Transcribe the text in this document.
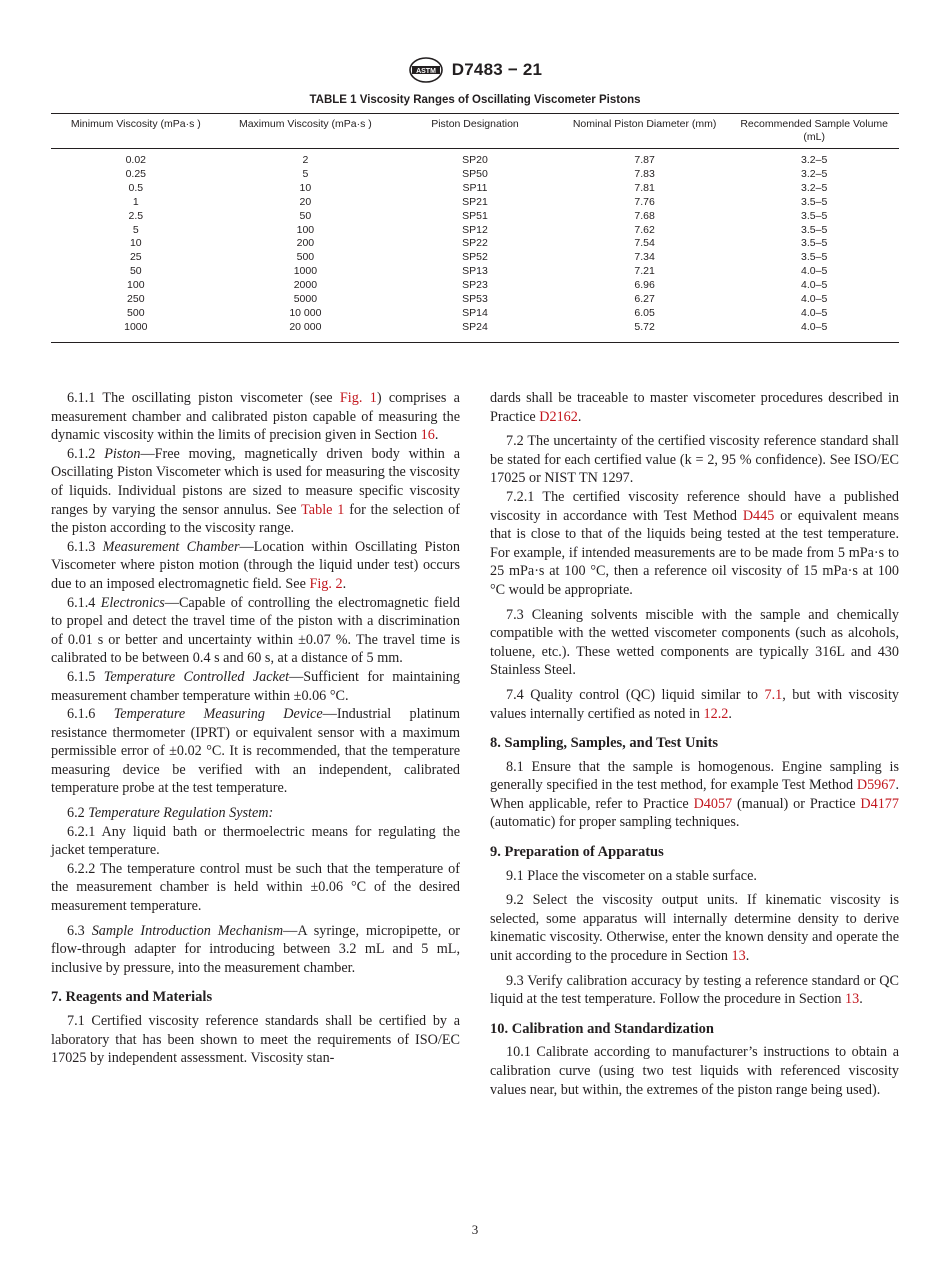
ASTM D7483 − 21
TABLE 1 Viscosity Ranges of Oscillating Viscometer Pistons
Minimum Viscosity (mPa·s )	Maximum Viscosity (mPa·s )	Piston Designation	Nominal Piston Diameter (mm)	Recommended Sample Volume (mL)
0.02	2	SP20	7.87	3.2–5
0.25	5	SP50	7.83	3.2–5
0.5	10	SP11	7.81	3.2–5
1	20	SP21	7.76	3.5–5
2.5	50	SP51	7.68	3.5–5
5	100	SP12	7.62	3.5–5
10	200	SP22	7.54	3.5–5
25	500	SP52	7.34	3.5–5
50	1000	SP13	7.21	4.0–5
100	2000	SP23	6.96	4.0–5
250	5000	SP53	6.27	4.0–5
500	10 000	SP14	6.05	4.0–5
1000	20 000	SP24	5.72	4.0–5

6.1.1 The oscillating piston viscometer (see Fig. 1) comprises a measurement chamber and calibrated piston capable of measuring the dynamic viscosity within the limits of precision given in Section 16.

6.1.2 Piston—Free moving, magnetically driven body within a Oscillating Piston Viscometer which is used for measuring the viscosity of liquids. Individual pistons are sized to measure specific viscosity ranges by varying the sensor annulus. See Table 1 for the selection of the piston according to the viscosity range.

6.1.3 Measurement Chamber—Location within Oscillating Piston Viscometer where piston motion (through the liquid under test) occurs due to an imposed electromagnetic field. See Fig. 2.

6.1.4 Electronics—Capable of controlling the electromagnetic field to propel and detect the travel time of the piston with a discrimination of 0.01 s or better and uncertainty within ±0.07 %. The travel time is calibrated to be between 0.4 s and 60 s, at a distance of 5 mm.

6.1.5 Temperature Controlled Jacket—Sufficient for maintaining measurement chamber temperature within ±0.06 °C.

6.1.6 Temperature Measuring Device—Industrial platinum resistance thermometer (IPRT) or equivalent sensor with a maximum permissible error of ±0.02 °C. It is recommended, that the temperature measuring device be verified with an independent, calibrated temperature probe at the test temperature.

6.2 Temperature Regulation System:

6.2.1 Any liquid bath or thermoelectric means for regulating the jacket temperature.

6.2.2 The temperature control must be such that the temperature of the measurement chamber is held within ±0.06 °C of the desired measurement temperature.

6.3 Sample Introduction Mechanism—A syringe, micropipette, or flow-through adapter for introducing between 3.2 mL and 5 mL, inclusive by pressure, into the measurement chamber.

7. Reagents and Materials

7.1 Certified viscosity reference standards shall be certified by a laboratory that has been shown to meet the requirements of ISO/EC 17025 by independent assessment. Viscosity stan-

dards shall be traceable to master viscometer procedures described in Practice D2162.

7.2 The uncertainty of the certified viscosity reference standard shall be stated for each certified value (k = 2, 95 % confidence). See ISO/EC 17025 or NIST TN 1297.

7.2.1 The certified viscosity reference should have a published viscosity in accordance with Test Method D445 or equivalent means that is close to that of the liquids being tested at the test temperature. For example, if intended measurements are to be made from 5 mPa·s to 25 mPa·s at 100 °C, then a reference oil viscosity of 15 mPa·s at 100 °C would be appropriate.

7.3 Cleaning solvents miscible with the sample and chemically compatible with the wetted viscometer components (such as alcohols, toluene, etc.). These wetted components are typically 316L and 430 Stainless Steel.

7.4 Quality control (QC) liquid similar to 7.1, but with viscosity values internally certified as noted in 12.2.

8. Sampling, Samples, and Test Units

8.1 Ensure that the sample is homogenous. Engine sampling is generally specified in the test method, for example Test Method D5967. When applicable, refer to Practice D4057 (manual) or Practice D4177 (automatic) for proper sampling techniques.

9. Preparation of Apparatus

9.1 Place the viscometer on a stable surface.

9.2 Select the viscosity output units. If kinematic viscosity is selected, some apparatus will internally determine density to derive kinematic viscosity. Otherwise, enter the known density and operate the unit according to the procedure in Section 13.

9.3 Verify calibration accuracy by testing a reference standard or QC liquid at the test temperature. Follow the procedure in Section 13.

10. Calibration and Standardization

10.1 Calibrate according to manufacturer’s instructions to obtain a calibration curve (using two test liquids with referenced viscosity values near, but within, the extremes of the piston range being used).

3
